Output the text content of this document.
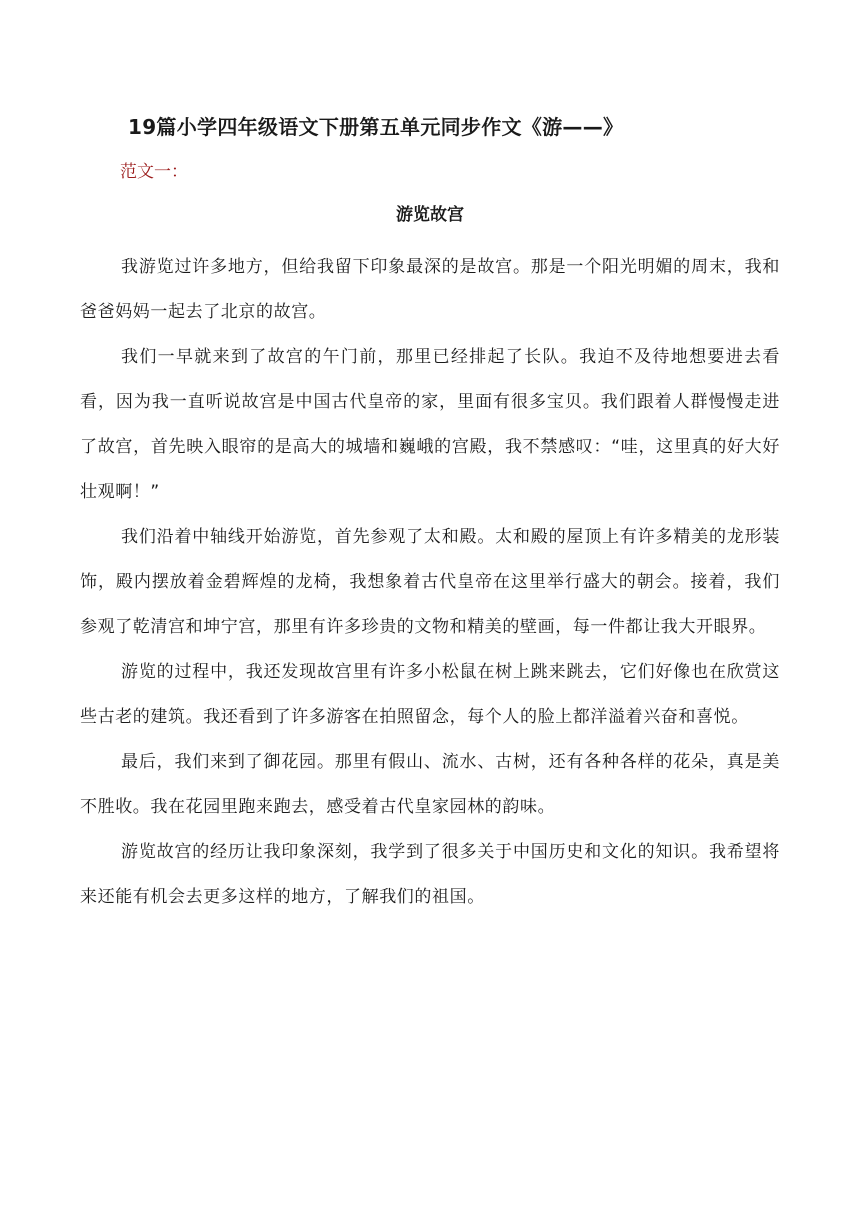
19篇小学四年级语文下册第五单元同步作文《游——》
范文一：
游览故宫

我游览过许多地方，但给我留下印象最深的是故宫。那是一个阳光明媚的周末，我和爸爸妈妈一起去了北京的故宫。

我们一早就来到了故宫的午门前，那里已经排起了长队。我迫不及待地想要进去看看，因为我一直听说故宫是中国古代皇帝的家，里面有很多宝贝。我们跟着人群慢慢走进了故宫，首先映入眼帘的是高大的城墙和巍峨的宫殿，我不禁感叹：“哇，这里真的好大好壮观啊！”

我们沿着中轴线开始游览，首先参观了太和殿。太和殿的屋顶上有许多精美的龙形装饰，殿内摆放着金碧辉煌的龙椅，我想象着古代皇帝在这里举行盛大的朝会。接着，我们参观了乾清宫和坤宁宫，那里有许多珍贵的文物和精美的壁画，每一件都让我大开眼界。

游览的过程中，我还发现故宫里有许多小松鼠在树上跳来跳去，它们好像也在欣赏这些古老的建筑。我还看到了许多游客在拍照留念，每个人的脸上都洋溢着兴奋和喜悦。

最后，我们来到了御花园。那里有假山、流水、古树，还有各种各样的花朵，真是美不胜收。我在花园里跑来跑去，感受着古代皇家园林的韵味。

游览故宫的经历让我印象深刻，我学到了很多关于中国历史和文化的知识。我希望将来还能有机会去更多这样的地方，了解我们的祖国。
